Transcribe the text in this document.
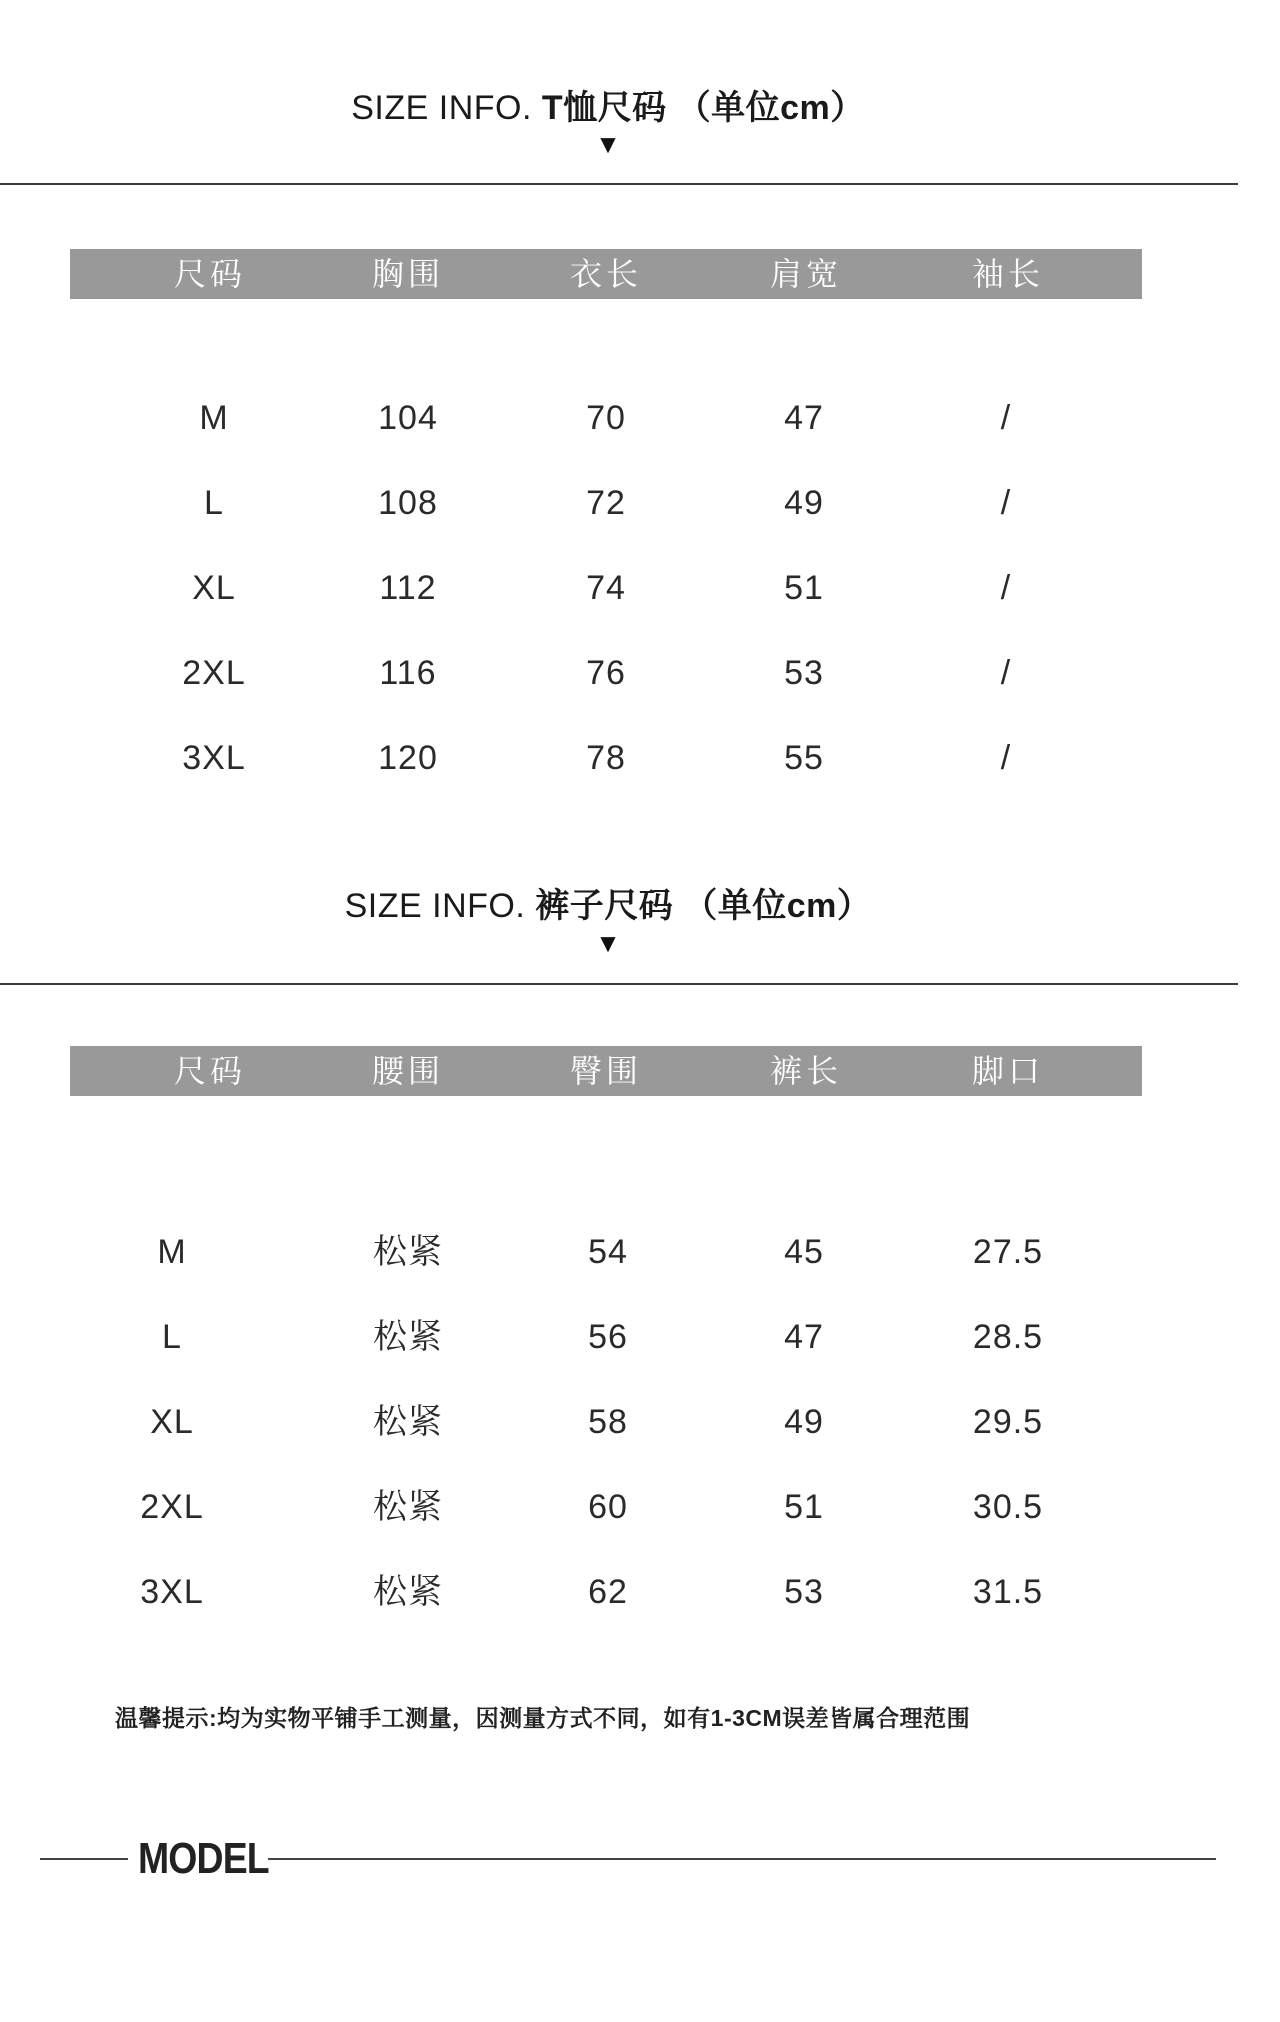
SIZE INFO. T恤尺码 （单位cm）
▼
尺码	胸围	衣长	肩宽	袖长
M	104	70	47	/
L	108	72	49	/
XL	112	74	51	/
2XL	116	76	53	/
3XL	120	78	55	/
SIZE INFO. 裤子尺码 （单位cm）
▼
尺码	腰围	臀围	裤长	脚口
M	松紧	54	45	27.5
L	松紧	56	47	28.5
XL	松紧	58	49	29.5
2XL	松紧	60	51	30.5
3XL	松紧	62	53	31.5
温馨提示:均为实物平铺手工测量，因测量方式不同，如有1-3CM误差皆属合理范围
MODEL
